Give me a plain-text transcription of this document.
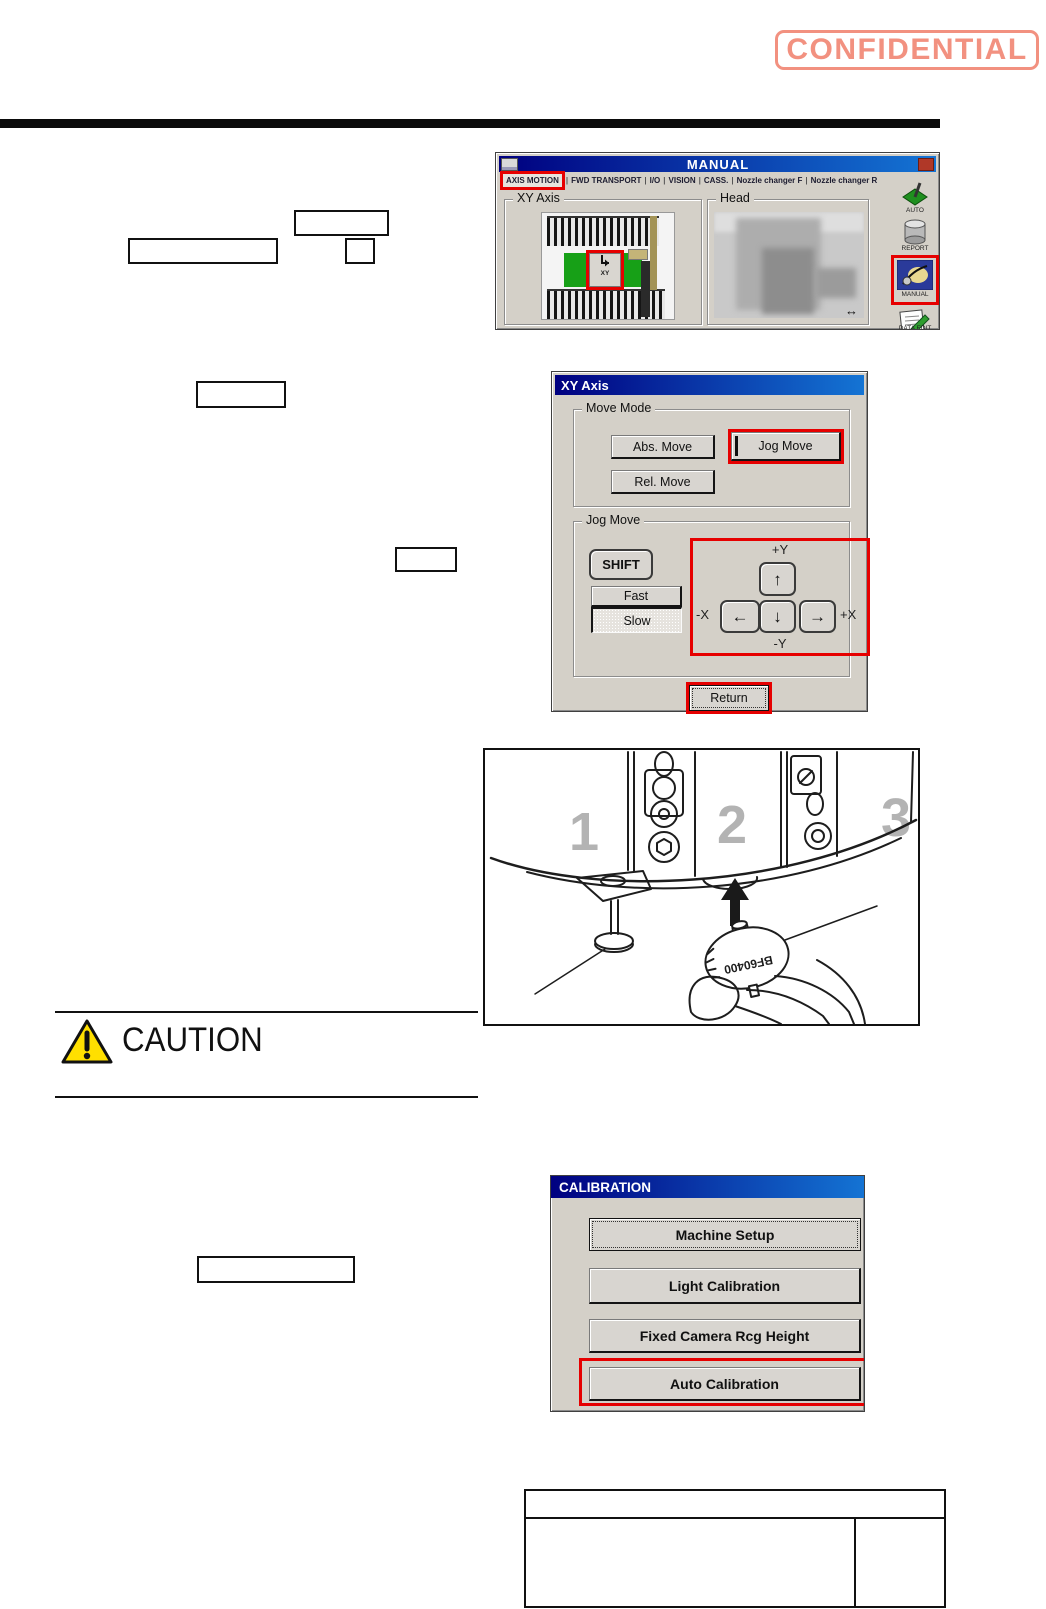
CONFIDENTIAL
MANUAL
AXIS MOTION | FWD TRANSPORT | I/O | VISION | CASS. | Nozzle changer F | Nozzle changer R
XY Axis
XY
Head
↔
AUTO
REPORT
MANUAL
DATA EDIT
XY Axis
Move Mode
Abs. Move	Jog Move
Rel. Move
Jog Move
SHIFT
Fast
Slow
+Y
↑
-X ← ↓ → +X
-Y
Return
1 2 3
BF60400
CAUTION
CALIBRATION
Machine Setup
Light Calibration
Fixed Camera Rcg Height
Auto Calibration
